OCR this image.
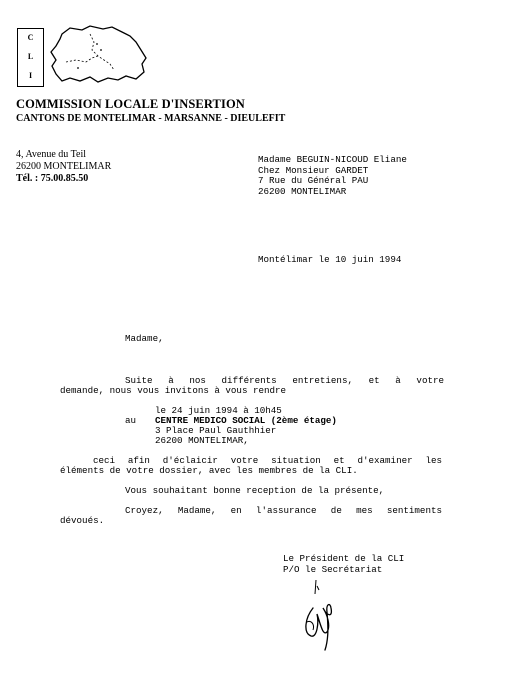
C
L
I
COMMISSION LOCALE D'INSERTION
CANTONS DE MONTELIMAR - MARSANNE - DIEULEFIT
4, Avenue du Teil
26200 MONTELIMAR
Tél. : 75.00.85.50
Madame BEGUIN-NICOUD Eliane
Chez Monsieur GARDET
7 Rue du Général PAU
26200 MONTELIMAR
Montélimar le 10 juin 1994
Madame,
Suite à nos différents entretiens, et à votre
demande, nous vous invitons à vous rendre
le 24 juin 1994 à 10h45
au CENTRE MEDICO SOCIAL (2ème étage)
3 Place Paul Gauthhier
26200 MONTELIMAR,
ceci afin d'éclaicir votre situation et d'examiner les
éléments de votre dossier, avec les membres de la CLI.
Vous souhaitant bonne reception de la présente,
Croyez, Madame, en l'assurance de mes sentiments
dévoués.
Le Président de la CLI
P/O le Secrétariat
